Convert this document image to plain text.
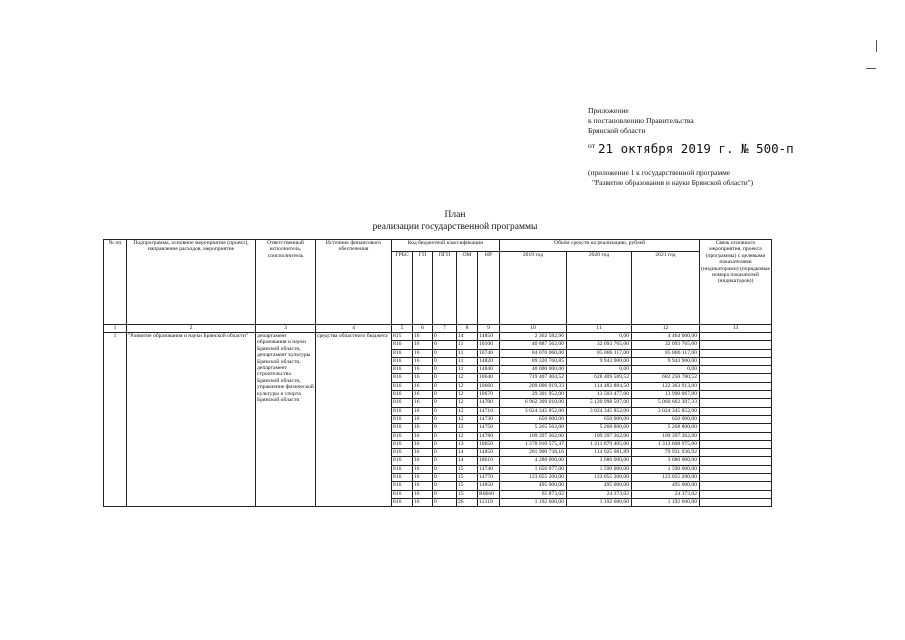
Приложение
к постановлению Правительства
Брянской области
$^{от}$ 21 октября 2019 г. № 500-п
(приложение 1 к государственной программе
"Развитие образования и науки Брянской области")
План
реализации государственной программы
№ пп	Подпрограмма, основное мероприятие (проект), направление расходов, мероприятие	Ответственный исполнитель, соисполнитель	Источник финансового обеспечения	Код бюджетной классификации					Объём средств на реализацию, рублей			Связь основного мероприятия, проекта (программы) с целевыми показателями (индикаторами) (порядковые номера показателей (индикаторов))
				ГРБС	ГП	ПГП	ОМ	НР	2019 год	2020 год	2021 год	
1	2	3	4	5	6	7	8	9	10	11	12	13
1	"Развитие образования и науки Брянской области"	департамент образования и науки Брянской области, департамент культуры Брянской области, департамент строительства Брянской области, управление физической культуры и спорта Брянской области	средства областного бюджета	815	16	0	14	14850	2 362 582,96	0,00	4 464 000,00	
				816	16	0	11	10100	40 887 562,00	32 093 765,00	32 093 765,00	
				816	16	0	11	10740	84 070 060,00	85 886 117,00	85 886 117,00	
				816	16	0	11	14820	89 320 760,85	9 943 900,00	9 943 900,00	
				816	16	0	11	14840	40 000 000,00	0,00	0,00	
				816	16	0	12	10640	719 407 404,52	628 409 589,52	682 250 780,52	
				816	16	0	12	10660	209 006 919,33	114 482 884,50	122 363 913,00	
				816	16	0	12	10670	29 301 952,00	13 503 477,00	13 990 067,00	
				816	16	0	12	14700	6 962 309 010,00	5 120 998 597,00	5 060 662 397,33	
				816	16	0	12	14710	3 024 345 852,00	3 024 345 852,00	3 024 345 852,00	
				816	16	0	12	14730	650 000,00	650 000,00	650 000,00	
				816	16	0	12	14750	5 265 562,00	5 268 800,00	5 268 800,00	
				816	16	0	12	14780	109 397 362,00	109 397 362,00	109 397 362,00	
				816	16	0	13	10650	1 378 910 575,47	1 211 879 405,00	1 313 608 975,00	
				816	16	0	14	14850	281 900 738,16	114 025 081,89	79 931 936,92	
				816	16	0	14	18610	4 288 000,00	3 680 000,00	3 680 000,00	
				816	16	0	15	14740	1 656 077,00	1 590 000,00	1 590 000,00	
				816	16	0	15	14770	123 055 200,00	123 055 200,00	123 055 200,00	
				816	16	0	15	14850	495 000,00	495 000,00	495 000,00	
				816	16	0	15	R0660	65 873,02	24 373,02	24 373,02	
				816	16	0	26	11310	1 192 600,00	1 192 600,00	1 192 600,00	
